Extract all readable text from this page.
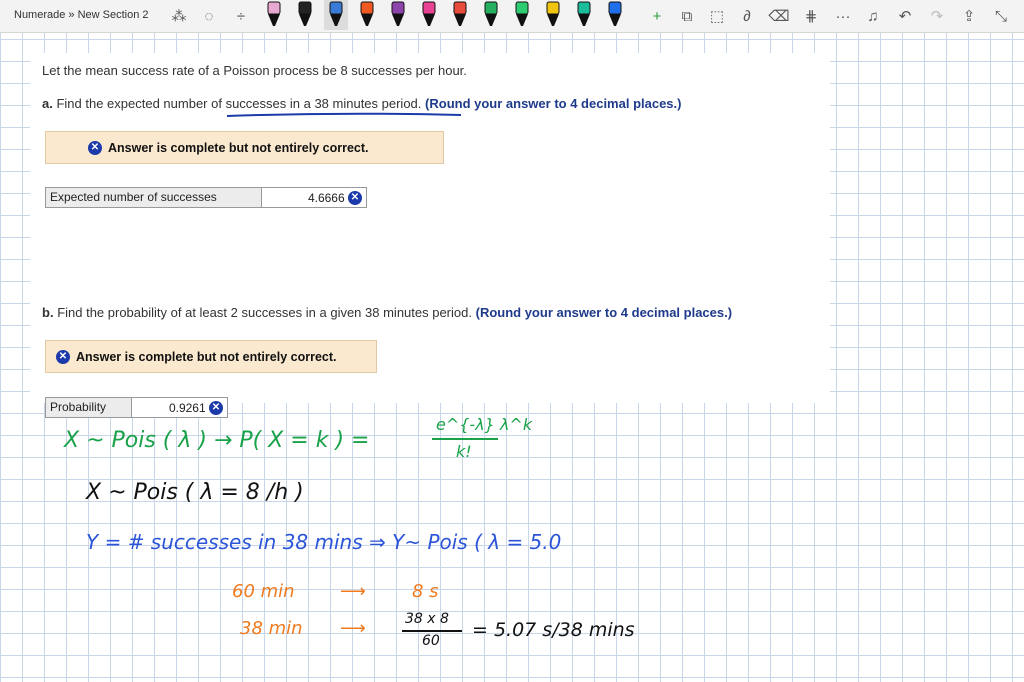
Numerade » New Section 2 ⁂	◌	÷	+	⧉	⬚	∂	⌫	⋕	···	♫	↶	↷	⇪	⤡
Let the mean success rate of a Poisson process be 8 successes per hour.
a. Find the expected number of successes in a 38 minutes period. (Round your answer to 4 decimal places.)
✕ Answer is complete but not entirely correct.
Expected number of successes	4.6666
✕
b. Find the probability of at least 2 successes in a given 38 minutes period. (Round your answer to 4 decimal places.)
✕ Answer is complete but not entirely correct.
Probability	0.9261
✕
X ~ Pois ( λ ) → P( X = k ) =
e^{-λ} λ^k
k!
X ~ Pois ( λ = 8 /h )
Y = # successes in 38 mins ⇒ Y~ Pois ( λ = 5.0
60 min	⟶	8 s
38 min ⟶	38 x 8
60 = 5.07 s/38 mins
